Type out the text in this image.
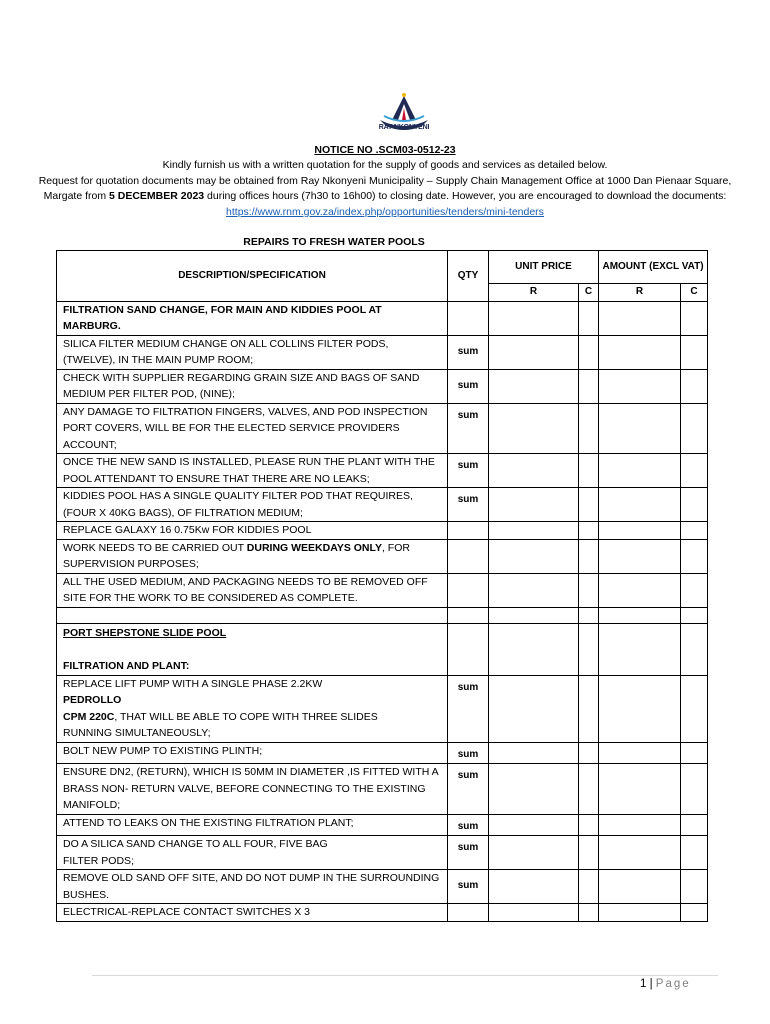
RAY NKONYENI
NOTICE NO .SCM03-0512-23
Kindly furnish us with a written quotation for the supply of goods and services as detailed below.
Request for quotation documents may be obtained from Ray Nkonyeni Municipality – Supply Chain Management Office at 1000 Dan Pienaar Square, Margate from 5 DECEMBER 2023 during offices hours (7h30 to 16h00) to closing date. However, you are encouraged to download the documents: https://www.rnm.gov.za/index.php/opportunities/tenders/mini-tenders
REPAIRS TO FRESH WATER POOLS
DESCRIPTION/SPECIFICATION	QTY	UNIT PRICE		AMOUNT (EXCL VAT)	
		R	C	R	C
FILTRATION SAND CHANGE, FOR MAIN AND KIDDIES POOL AT MARBURG.					
SILICA FILTER MEDIUM CHANGE ON ALL COLLINS FILTER PODS, (TWELVE), IN THE MAIN PUMP ROOM;	sum				
CHECK WITH SUPPLIER REGARDING GRAIN SIZE AND BAGS OF SAND MEDIUM PER FILTER POD, (NINE);	sum				
ANY DAMAGE TO FILTRATION FINGERS, VALVES, AND POD INSPECTION PORT COVERS, WILL BE FOR THE ELECTED SERVICE PROVIDERS ACCOUNT;	sum				
ONCE THE NEW SAND IS INSTALLED, PLEASE RUN THE PLANT WITH THE POOL ATTENDANT TO ENSURE THAT THERE ARE NO LEAKS;	sum				
KIDDIES POOL HAS A SINGLE QUALITY FILTER POD THAT REQUIRES, (FOUR X 40KG BAGS), OF FILTRATION MEDIUM;	sum				
REPLACE GALAXY 16 0.75Kw FOR KIDDIES POOL					
WORK NEEDS TO BE CARRIED OUT DURING WEEKDAYS ONLY, FOR SUPERVISION PURPOSES;					
ALL THE USED MEDIUM, AND PACKAGING NEEDS TO BE REMOVED OFF SITE FOR THE WORK TO BE CONSIDERED AS COMPLETE.					

PORT SHEPSTONE SLIDE POOL
FILTRATION AND PLANT:					

REPLACE LIFT PUMP WITH A SINGLE PHASE 2.2KW
PEDROLLO
CPM 220C, THAT WILL BE ABLE TO COPE WITH THREE SLIDES
RUNNING SIMULTANEOUSLY;	sum				
BOLT NEW PUMP TO EXISTING PLINTH;	sum				
ENSURE DN2, (RETURN), WHICH IS 50MM IN DIAMETER ,IS FITTED WITH A BRASS NON- RETURN VALVE, BEFORE CONNECTING TO THE EXISTING MANIFOLD;	sum				
ATTEND TO LEAKS ON THE EXISTING FILTRATION PLANT;	sum				

DO A SILICA SAND CHANGE TO ALL FOUR, FIVE BAG
FILTER PODS;	sum				
REMOVE OLD SAND OFF SITE, AND DO NOT DUMP IN THE SURROUNDING BUSHES.	sum				
ELECTRICAL-REPLACE CONTACT SWITCHES X 3					
1 | Page
